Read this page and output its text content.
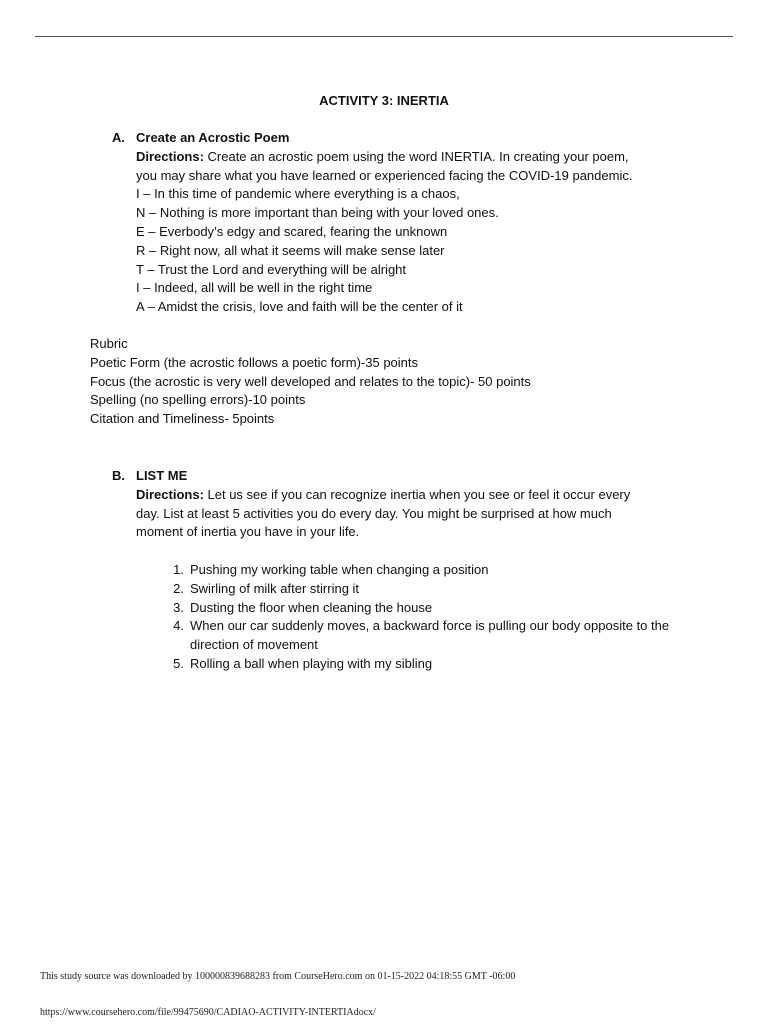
ACTIVITY 3: INERTIA
A. Create an Acrostic Poem
Directions: Create an acrostic poem using the word INERTIA. In creating your poem,
you may share what you have learned or experienced facing the COVID-19 pandemic.
I – In this time of pandemic where everything is a chaos,
N – Nothing is more important than being with your loved ones.
E – Everbody’s edgy and scared, fearing the unknown
R – Right now, all what it seems will make sense later
T – Trust the Lord and everything will be alright
I – Indeed, all will be well in the right time
A – Amidst the crisis, love and faith will be the center of it
Rubric
Poetic Form (the acrostic follows a poetic form)-35 points
Focus (the acrostic is very well developed and relates to the topic)- 50 points
Spelling (no spelling errors)-10 points
Citation and Timeliness- 5points
B. LIST ME
Directions: Let us see if you can recognize inertia when you see or feel it occur every
day. List at least 5 activities you do every day. You might be surprised at how much
moment of inertia you have in your life.
1. Pushing my working table when changing a position
2. Swirling of milk after stirring it
3. Dusting the floor when cleaning the house
4. When our car suddenly moves, a backward force is pulling our body opposite to the direction of movement
5. Rolling a ball when playing with my sibling
This study source was downloaded by 100000839688283 from CourseHero.com on 01-15-2022 04:18:55 GMT -06:00
https://www.coursehero.com/file/99475690/CADIAO-ACTIVITY-INTERTIAdocx/
